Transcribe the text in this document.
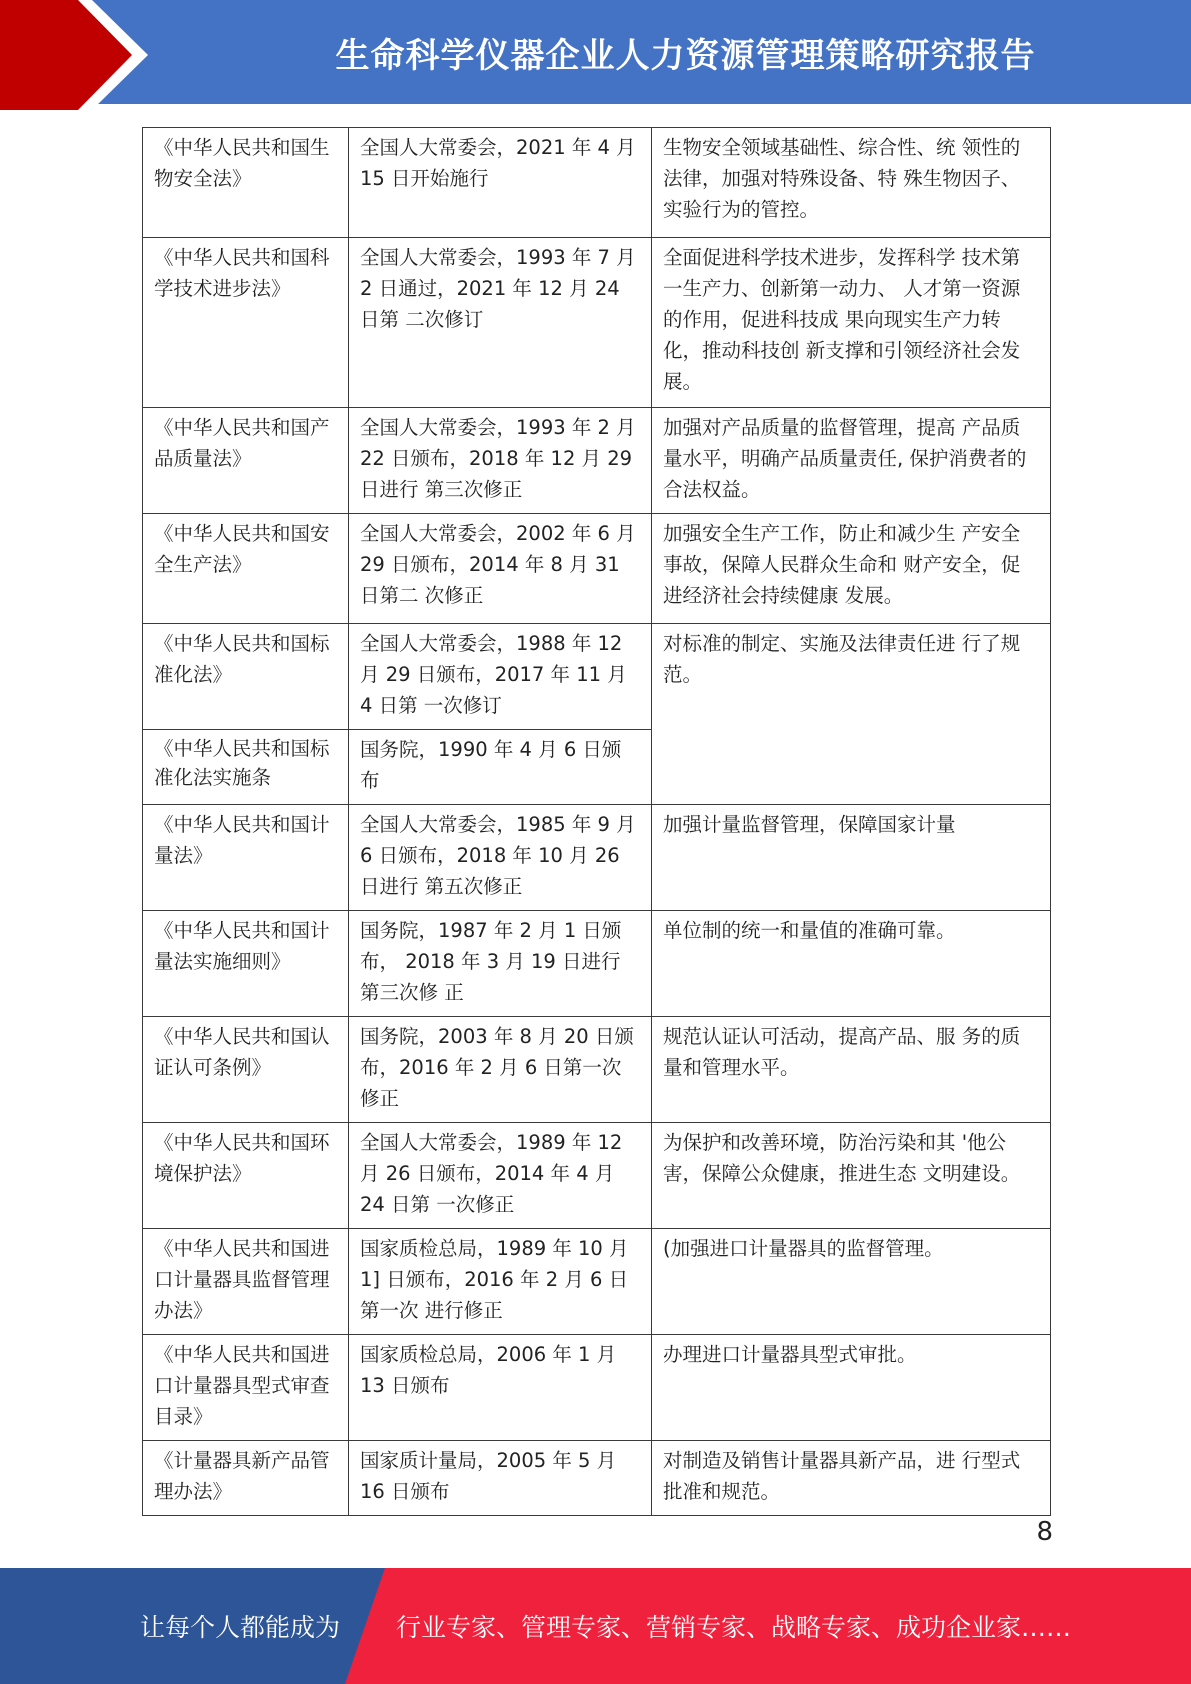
生命科学仪器企业人力资源管理策略研究报告
《中华人民共和国生 物安全法》	全国人大常委会，2021 年 4 月 15 日开始施行	生物安全领域基础性、综合性、统 领性的法律，加强对特殊设备、特 殊生物因子、实验行为的管控。
《中华人民共和国科 学技术进步法》	全国人大常委会，1993 年 7 月 2 日通过，2021 年 12 月 24 日第 二次修订	全面促进科学技术进步，发挥科学 技术第一生产力、创新第一动力、 人才第一资源的作用，促进科技成 果向现实生产力转化，推动科技创 新支撑和引领经济社会发展。
《中华人民共和国产 品质量法》	全国人大常委会，1993 年 2 月 22 日颁布，2018 年 12 月 29 日进行 第三次修正	加强对产品质量的监督管理，提高 产品质量水平，明确产品质量责任, 保护消费者的合法权益。
《中华人民共和国安 全生产法》	全国人大常委会，2002 年 6 月 29 日颁布，2014 年 8 月 31 日第二 次修正	加强安全生产工作，防止和减少生 产安全事故，保障人民群众生命和 财产安全，促进经济社会持续健康 发展。
《中华人民共和国标 准化法》	全国人大常委会，1988 年 12 月 29 日颁布，2017 年 11 月 4 日第 一次修订	对标准的制定、实施及法律责任进 行了规范。
《中华人民共和国标 准化法实施条	国务院，1990 年 4 月 6 日颁布	
《中华人民共和国计 量法》	全国人大常委会，1985 年 9 月 6 日颁布，2018 年 10 月 26 日进行 第五次修正	加强计量监督管理，保障国家计量
《中华人民共和国计 量法实施细则》	国务院，1987 年 2 月 1 日颁布， 2018 年 3 月 19 日进行第三次修 正	单位制的统一和量值的准确可靠。
《中华人民共和国认 证认可条例》	国务院，2003 年 8 月 20 日颁布，2016 年 2 月 6 日第一次修正	规范认证认可活动，提高产品、服 务的质量和管理水平。
《中华人民共和国环 境保护法》	全国人大常委会，1989 年 12 月 26 日颁布，2014 年 4 月 24 日第 一次修正	为保护和改善环境，防治污染和其 '他公害，保障公众健康，推进生态 文明建设。
《中华人民共和国进 口计量器具监督管理 办法》	国家质检总局，1989 年 10 月 1] 日颁布，2016 年 2 月 6 日第一次 进行修正	(加强进口计量器具的监督管理。
《中华人民共和国进 口计量器具型式审查 目录》	国家质检总局，2006 年 1 月 13 日颁布	办理进口计量器具型式审批。
《计量器具新产品管 理办法》	国家质计量局，2005 年 5 月 16 日颁布	对制造及销售计量器具新产品，进 行型式批准和规范。
8
让每个人都能成为 行业专家、管理专家、营销专家、战略专家、成功企业家……
